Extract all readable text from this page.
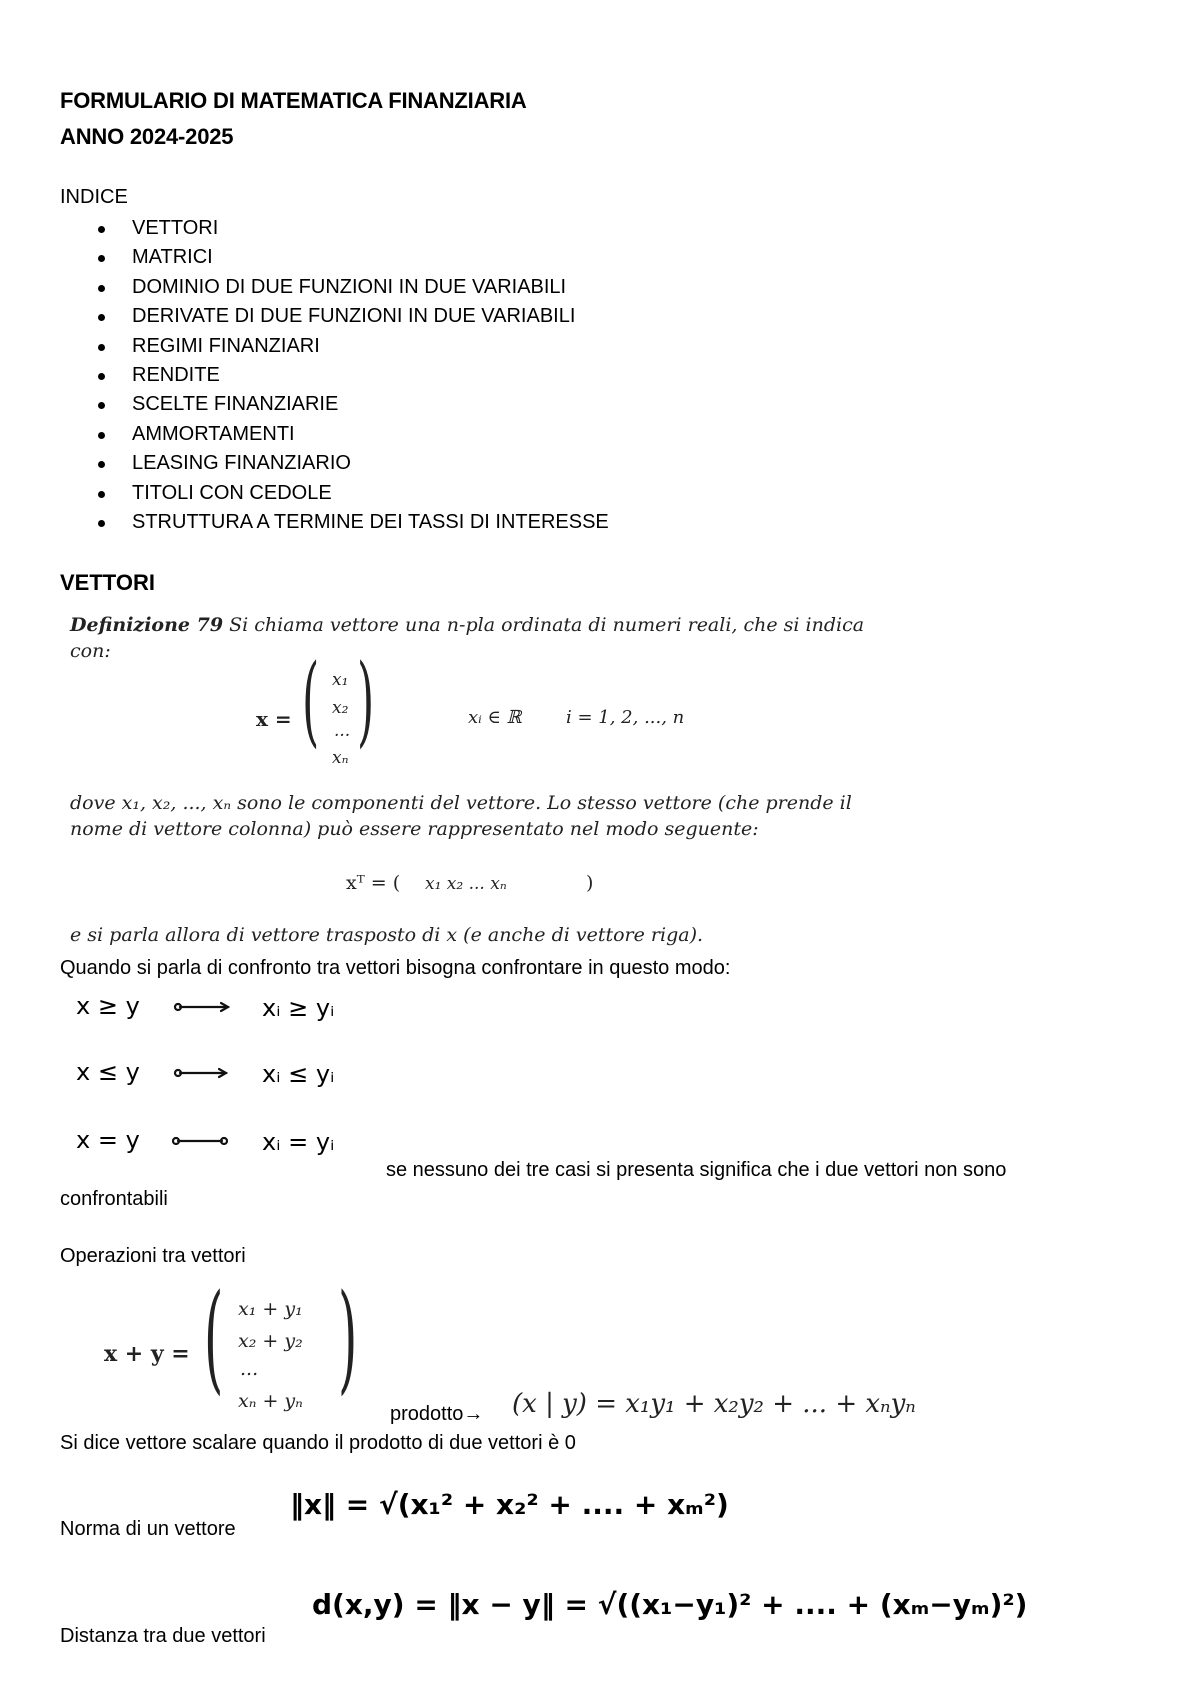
FORMULARIO DI MATEMATICA FINANZIARIA
ANNO 2024-2025
INDICE
VETTORI
MATRICI
DOMINIO DI DUE FUNZIONI IN DUE VARIABILI
DERIVATE DI DUE FUNZIONI IN DUE VARIABILI
REGIMI FINANZIARI
RENDITE
SCELTE FINANZIARIE
AMMORTAMENTI
LEASING FINANZIARIO
TITOLI CON CEDOLE
STRUTTURA A TERMINE DEI TASSI DI INTERESSE
VETTORI
Definizione 79 Si chiama vettore una n-pla ordinata di numeri reali, che si indica
con:
x = ( )
x₁
x₂
...
xₙ
xᵢ ∈ ℝ i = 1, 2, ..., n
dove x₁, x₂, ..., xₙ sono le componenti del vettore. Lo stesso vettore (che prende il
nome di vettore colonna) può essere rappresentato nel modo seguente:
xᵀ = ( x₁ x₂ ... xₙ	)
e si parla allora di vettore trasposto di x (e anche di vettore riga).
Quando si parla di confronto tra vettori bisogna confrontare in questo modo:
x ≥ y	xᵢ ≥ yᵢ
x ≤ y	xᵢ ≤ yᵢ
x = y	xᵢ = yᵢ
se nessuno dei tre casi si presenta significa che i due vettori non sono
confrontabili
Operazioni tra vettori
x + y = ( )
x₁ + y₁
x₂ + y₂
...
xₙ + yₙ
prodotto→ (x | y) = x₁y₁ + x₂y₂ + ... + xₙyₙ
Si dice vettore scalare quando il prodotto di due vettori è 0
Norma di un vettore
‖x‖ = √(x₁² + x₂² + .... + xₘ²)
Distanza tra due vettori
d(x,y) = ‖x − y‖ = √((x₁−y₁)² + .... + (xₘ−yₘ)²)
